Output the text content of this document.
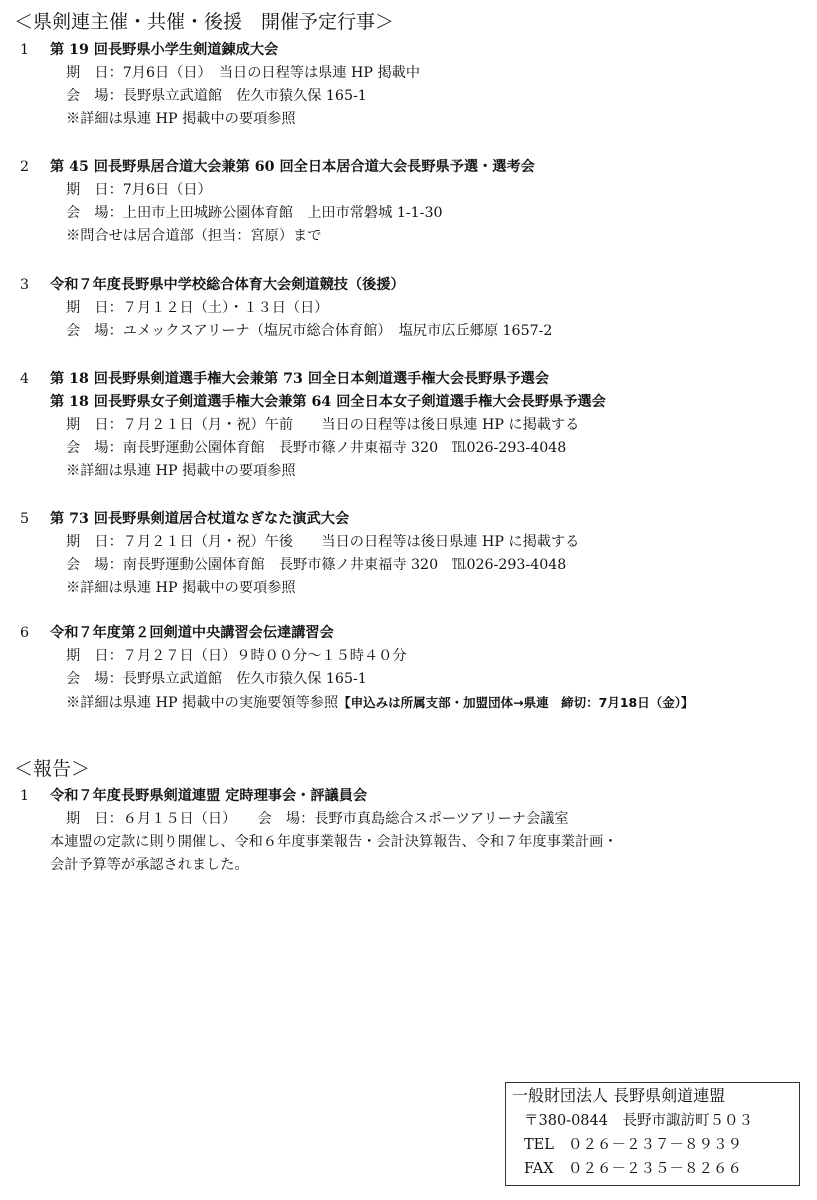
＜県剣連主催・共催・後援　開催予定行事＞
1 第 19 回長野県小学生剣道錬成大会
期　日：7月6日（日）　当日の日程等は県連 HP 掲載中
会　場：長野県立武道館　佐久市猿久保 165-1
※詳細は県連 HP 掲載中の要項参照
2 第 45 回長野県居合道大会兼第 60 回全日本居合道大会長野県予選・選考会
期　日：7月6日（日）
会　場：上田市上田城跡公園体育館　上田市常磐城 1-1-30
※問合せは居合道部（担当：宮原）まで
3 令和７年度長野県中学校総合体育大会剣道競技（後援）
期　日：７月１２日（土）・１３日（日）
会　場：ユメックスアリーナ（塩尻市総合体育館）　塩尻市広丘郷原 1657-2
4 第 18 回長野県剣道選手権大会兼第 73 回全日本剣道選手権大会長野県予選会
第 18 回長野県女子剣道選手権大会兼第 64 回全日本女子剣道選手権大会長野県予選会
期　日：７月２１日（月・祝）午前　　当日の日程等は後日県連 HP に掲載する
会　場：南長野運動公園体育館　長野市篠ノ井東福寺 320　℡026-293-4048
※詳細は県連 HP 掲載中の要項参照
5 第 73 回長野県剣道居合杖道なぎなた演武大会
期　日：７月２１日（月・祝）午後　　当日の日程等は後日県連 HP に掲載する
会　場：南長野運動公園体育館　長野市篠ノ井東福寺 320　℡026-293-4048
※詳細は県連 HP 掲載中の要項参照
6 令和７年度第２回剣道中央講習会伝達講習会
期　日：７月２７日（日）９時００分～１５時４０分
会　場：長野県立武道館　佐久市猿久保 165-1
※詳細は県連 HP 掲載中の実施要領等参照【申込みは所属支部・加盟団体→県連　締切：7月18日（金）】
＜報告＞
1 令和７年度長野県剣道連盟 定時理事会・評議員会
期　日：６月１５日（日）　　会　場：長野市真島総合スポーツアリーナ会議室
本連盟の定款に則り開催し、令和６年度事業報告・会計決算報告、令和７年度事業計画・
会計予算等が承認されました。
一般財団法人 長野県剣道連盟
〒380-0844　長野市諏訪町５０３
TEL ０２６－２３７－８９３９
FAX ０２６－２３５－８２６６
